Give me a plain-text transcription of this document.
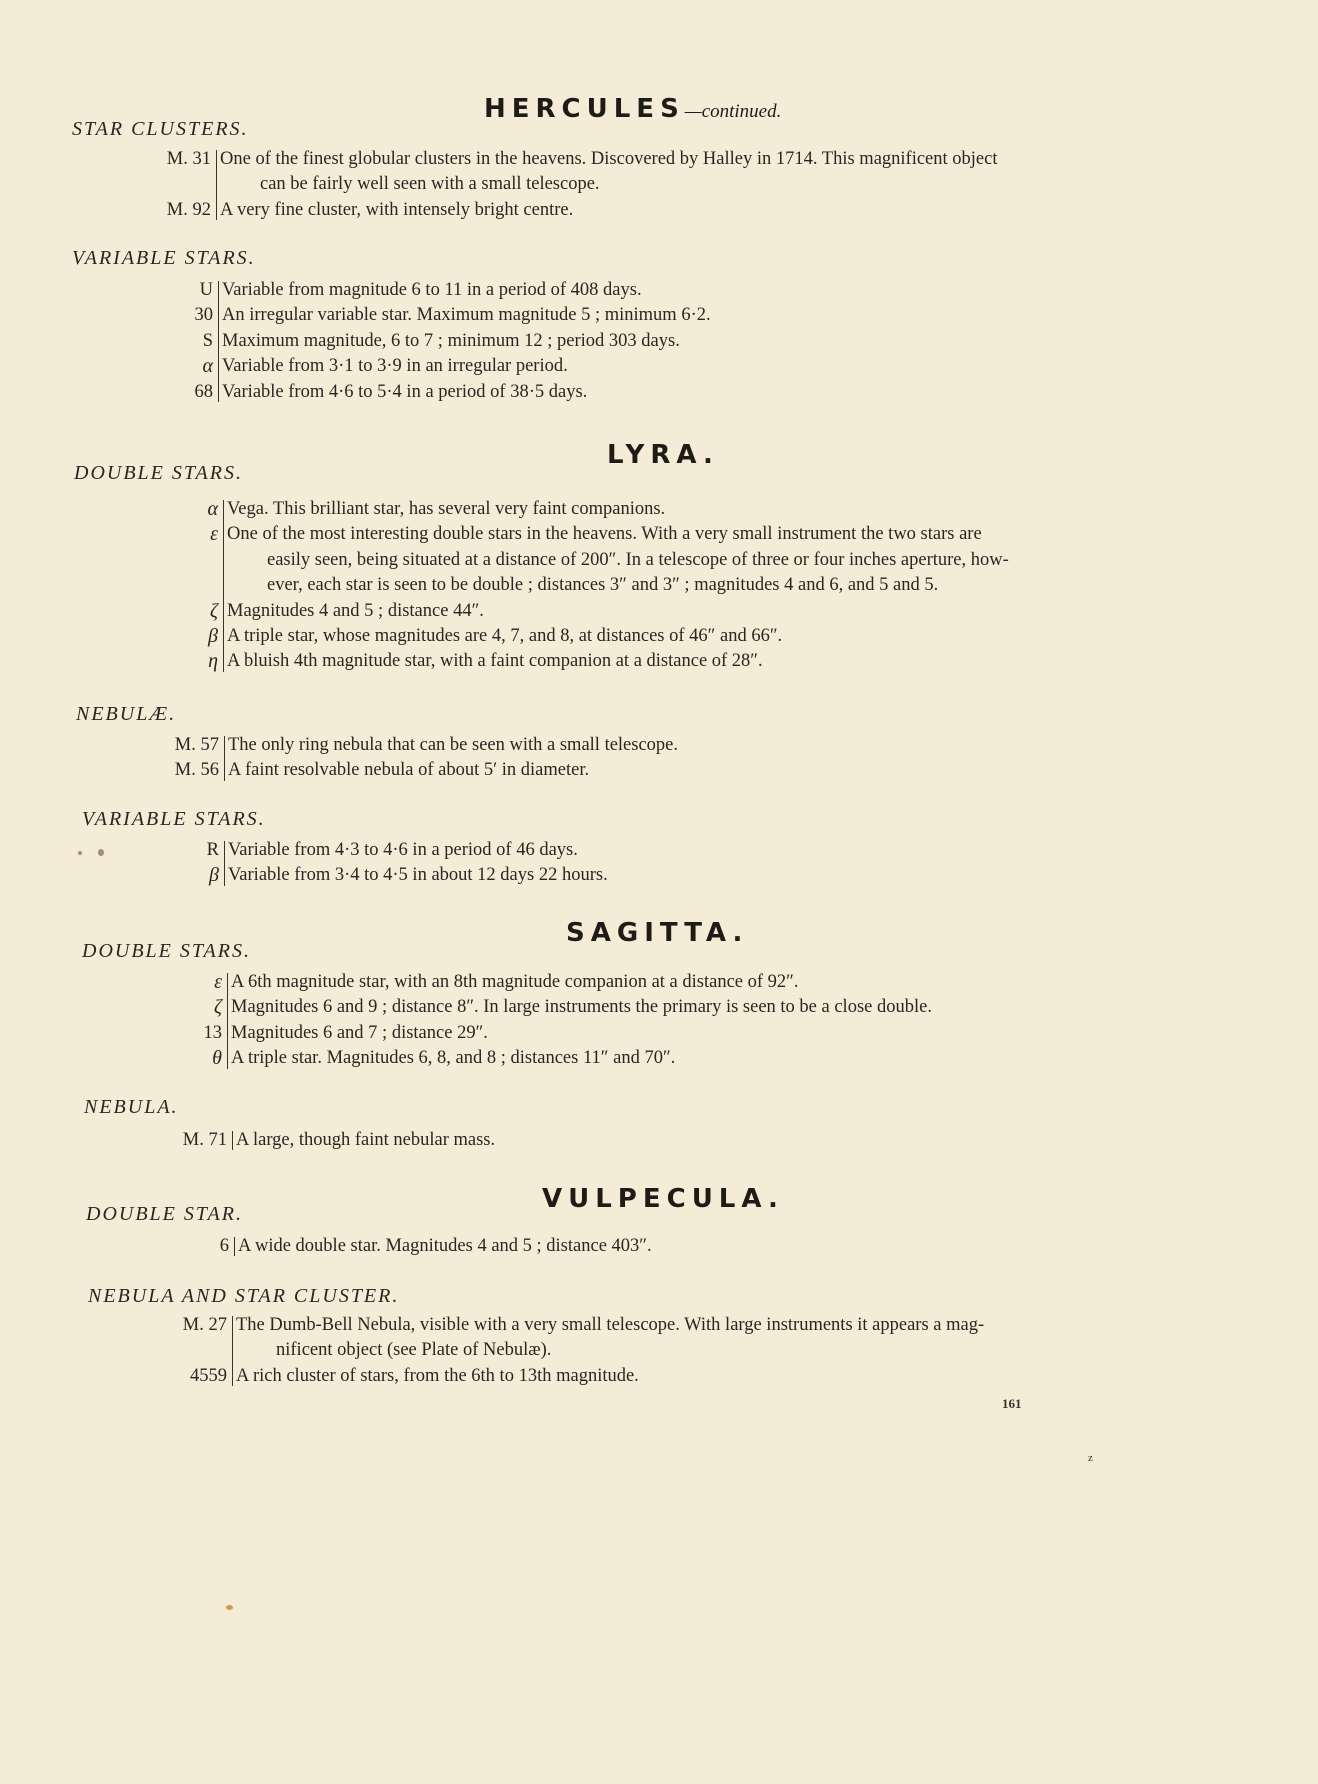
HERCULES—continued.
STAR CLUSTERS.
M. 31 One of the finest globular clusters in the heavens. Discovered by Halley in 1714. This magnificent object
can be fairly well seen with a small telescope.
M. 92 A very fine cluster, with intensely bright centre.
VARIABLE STARS.
U Variable from magnitude 6 to 11 in a period of 408 days.
30 An irregular variable star. Maximum magnitude 5 ; minimum 6·2.
S Maximum magnitude, 6 to 7 ; minimum 12 ; period 303 days.
α Variable from 3·1 to 3·9 in an irregular period.
68 Variable from 4·6 to 5·4 in a period of 38·5 days.
LYRA.
DOUBLE STARS.
α Vega. This brilliant star, has several very faint companions.
ε One of the most interesting double stars in the heavens. With a very small instrument the two stars are
easily seen, being situated at a distance of 200″. In a telescope of three or four inches aperture, how-
ever, each star is seen to be double ; distances 3″ and 3″ ; magnitudes 4 and 6, and 5 and 5.
ζ Magnitudes 4 and 5 ; distance 44″.
β A triple star, whose magnitudes are 4, 7, and 8, at distances of 46″ and 66″.
η A bluish 4th magnitude star, with a faint companion at a distance of 28″.
NEBULÆ.
M. 57 The only ring nebula that can be seen with a small telescope.
M. 56 A faint resolvable nebula of about 5′ in diameter.
VARIABLE STARS.
R Variable from 4·3 to 4·6 in a period of 46 days.
β Variable from 3·4 to 4·5 in about 12 days 22 hours.
SAGITTA.
DOUBLE STARS.
ε A 6th magnitude star, with an 8th magnitude companion at a distance of 92″.
ζ Magnitudes 6 and 9 ; distance 8″. In large instruments the primary is seen to be a close double.
13 Magnitudes 6 and 7 ; distance 29″.
θ A triple star. Magnitudes 6, 8, and 8 ; distances 11″ and 70″.
NEBULA.
M. 71 A large, though faint nebular mass.
VULPECULA.
DOUBLE STAR.
6 A wide double star. Magnitudes 4 and 5 ; distance 403″.
NEBULA AND STAR CLUSTER.
M. 27 The Dumb-Bell Nebula, visible with a very small telescope. With large instruments it appears a mag-
nificent object (see Plate of Nebulæ).
4559 A rich cluster of stars, from the 6th to 13th magnitude.
161
z
